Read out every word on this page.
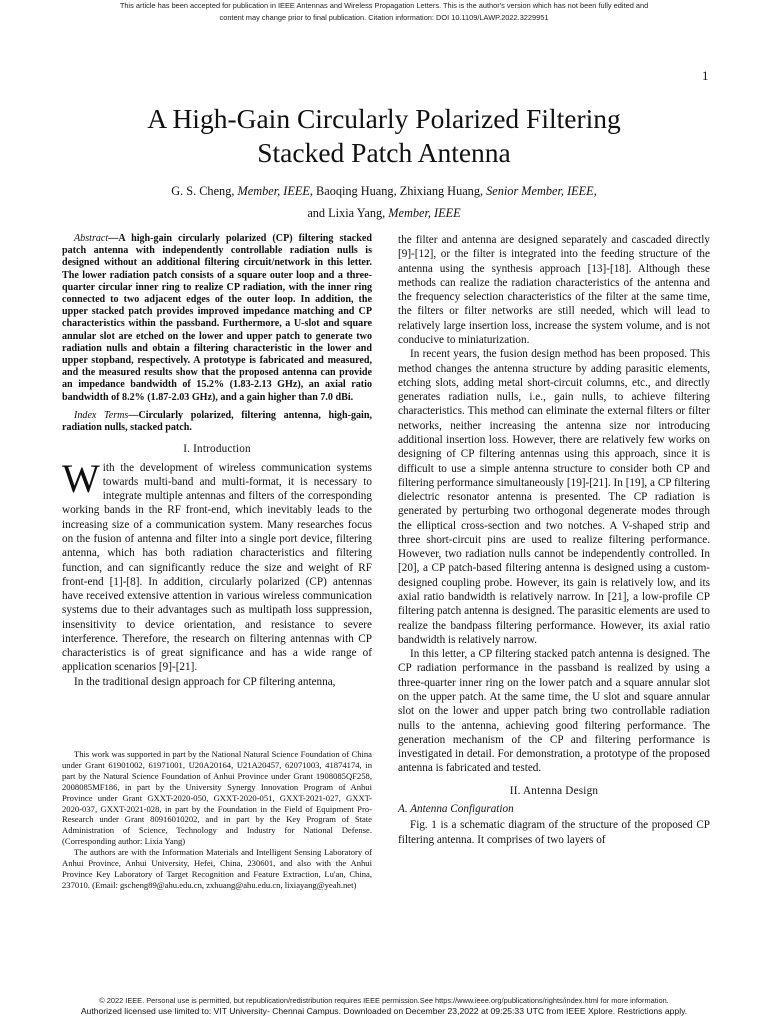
This article has been accepted for publication in IEEE Antennas and Wireless Propagation Letters. This is the author's version which has not been fully edited and
content may change prior to final publication. Citation information: DOI 10.1109/LAWP.2022.3229951
1
A High-Gain Circularly Polarized Filtering
Stacked Patch Antenna
G. S. Cheng, Member, IEEE, Baoqing Huang, Zhixiang Huang, Senior Member, IEEE,
and Lixia Yang, Member, IEEE

Abstract—A high-gain circularly polarized (CP) filtering stacked patch antenna with independently controllable radiation nulls is designed without an additional filtering circuit/network in this letter. The lower radiation patch consists of a square outer loop and a three-quarter circular inner ring to realize CP radiation, with the inner ring connected to two adjacent edges of the outer loop. In addition, the upper stacked patch provides improved impedance matching and CP characteristics within the passband. Furthermore, a U-slot and square annular slot are etched on the lower and upper patch to generate two radiation nulls and obtain a filtering characteristic in the lower and upper stopband, respectively. A prototype is fabricated and measured, and the measured results show that the proposed antenna can provide an impedance bandwidth of 15.2% (1.83-2.13 GHz), an axial ratio bandwidth of 8.2% (1.87-2.03 GHz), and a gain higher than 7.0 dBi.

Index Terms—Circularly polarized, filtering antenna, high-gain, radiation nulls, stacked patch.

I. Introduction

With the development of wireless communication systems towards multi-band and multi-format, it is necessary to integrate multiple antennas and filters of the corresponding working bands in the RF front-end, which inevitably leads to the increasing size of a communication system. Many researches focus on the fusion of antenna and filter into a single port device, filtering antenna, which has both radiation characteristics and filtering function, and can significantly reduce the size and weight of RF front-end [1]-[8]. In addition, circularly polarized (CP) antennas have received extensive attention in various wireless communication systems due to their advantages such as multipath loss suppression, insensitivity to device orientation, and resistance to severe interference. Therefore, the research on filtering antennas with CP characteristics is of great significance and has a wide range of application scenarios [9]-[21].

In the traditional design approach for CP filtering antenna,

This work was supported in part by the National Natural Science Foundation of China under Grant 61901002, 61971001, U20A20164, U21A20457, 62071003, 41874174, in part by the Natural Science Foundation of Anhui Province under Grant 1908085QF258, 2008085MF186, in part by the University Synergy Innovation Program of Anhui Province under Grant GXXT-2020-050, GXXT-2020-051, GXXT-2021-027, GXXT-2020-037, GXXT-2021-028, in part by the Foundation in the Field of Equipment Pro-Research under Grant 80916010202, and in part by the Key Program of State Administration of Science, Technology and Industry for National Defense. (Corresponding author: Lixia Yang)

The authors are with the Information Materials and Intelligent Sensing Laboratory of Anhui Province, Anhui University, Hefei, China, 230601, and also with the Anhui Province Key Laboratory of Target Recognition and Feature Extraction, Lu'an, China, 237010. (Email: gscheng89@ahu.edu.cn, zxhuang@ahu.edu.cn, lixiayang@yeah.net)

the filter and antenna are designed separately and cascaded directly [9]-[12], or the filter is integrated into the feeding structure of the antenna using the synthesis approach [13]-[18]. Although these methods can realize the radiation characteristics of the antenna and the frequency selection characteristics of the filter at the same time, the filters or filter networks are still needed, which will lead to relatively large insertion loss, increase the system volume, and is not conducive to miniaturization.

In recent years, the fusion design method has been proposed. This method changes the antenna structure by adding parasitic elements, etching slots, adding metal short-circuit columns, etc., and directly generates radiation nulls, i.e., gain nulls, to achieve filtering characteristics. This method can eliminate the external filters or filter networks, neither increasing the antenna size nor introducing additional insertion loss. However, there are relatively few works on designing of CP filtering antennas using this approach, since it is difficult to use a simple antenna structure to consider both CP and filtering performance simultaneously [19]-[21]. In [19], a CP filtering dielectric resonator antenna is presented. The CP radiation is generated by perturbing two orthogonal degenerate modes through the elliptical cross-section and two notches. A V-shaped strip and three short-circuit pins are used to realize filtering performance. However, two radiation nulls cannot be independently controlled. In [20], a CP patch-based filtering antenna is designed using a custom-designed coupling probe. However, its gain is relatively low, and its axial ratio bandwidth is relatively narrow. In [21], a low-profile CP filtering patch antenna is designed. The parasitic elements are used to realize the bandpass filtering performance. However, its axial ratio bandwidth is relatively narrow.

In this letter, a CP filtering stacked patch antenna is designed. The CP radiation performance in the passband is realized by using a three-quarter inner ring on the lower patch and a square annular slot on the upper patch. At the same time, the U slot and square annular slot on the lower and upper patch bring two controllable radiation nulls to the antenna, achieving good filtering performance. The generation mechanism of the CP and filtering performance is investigated in detail. For demonstration, a prototype of the proposed antenna is fabricated and tested.

II. Antenna Design

A. Antenna Configuration

Fig. 1 is a schematic diagram of the structure of the proposed CP filtering antenna. It comprises of two layers of

© 2022 IEEE. Personal use is permitted, but republication/redistribution requires IEEE permission.See https://www.ieee.org/publications/rights/index.html for more information.
Authorized licensed use limited to: VIT University- Chennai Campus. Downloaded on December 23,2022 at 09:25:33 UTC from IEEE Xplore. Restrictions apply.
